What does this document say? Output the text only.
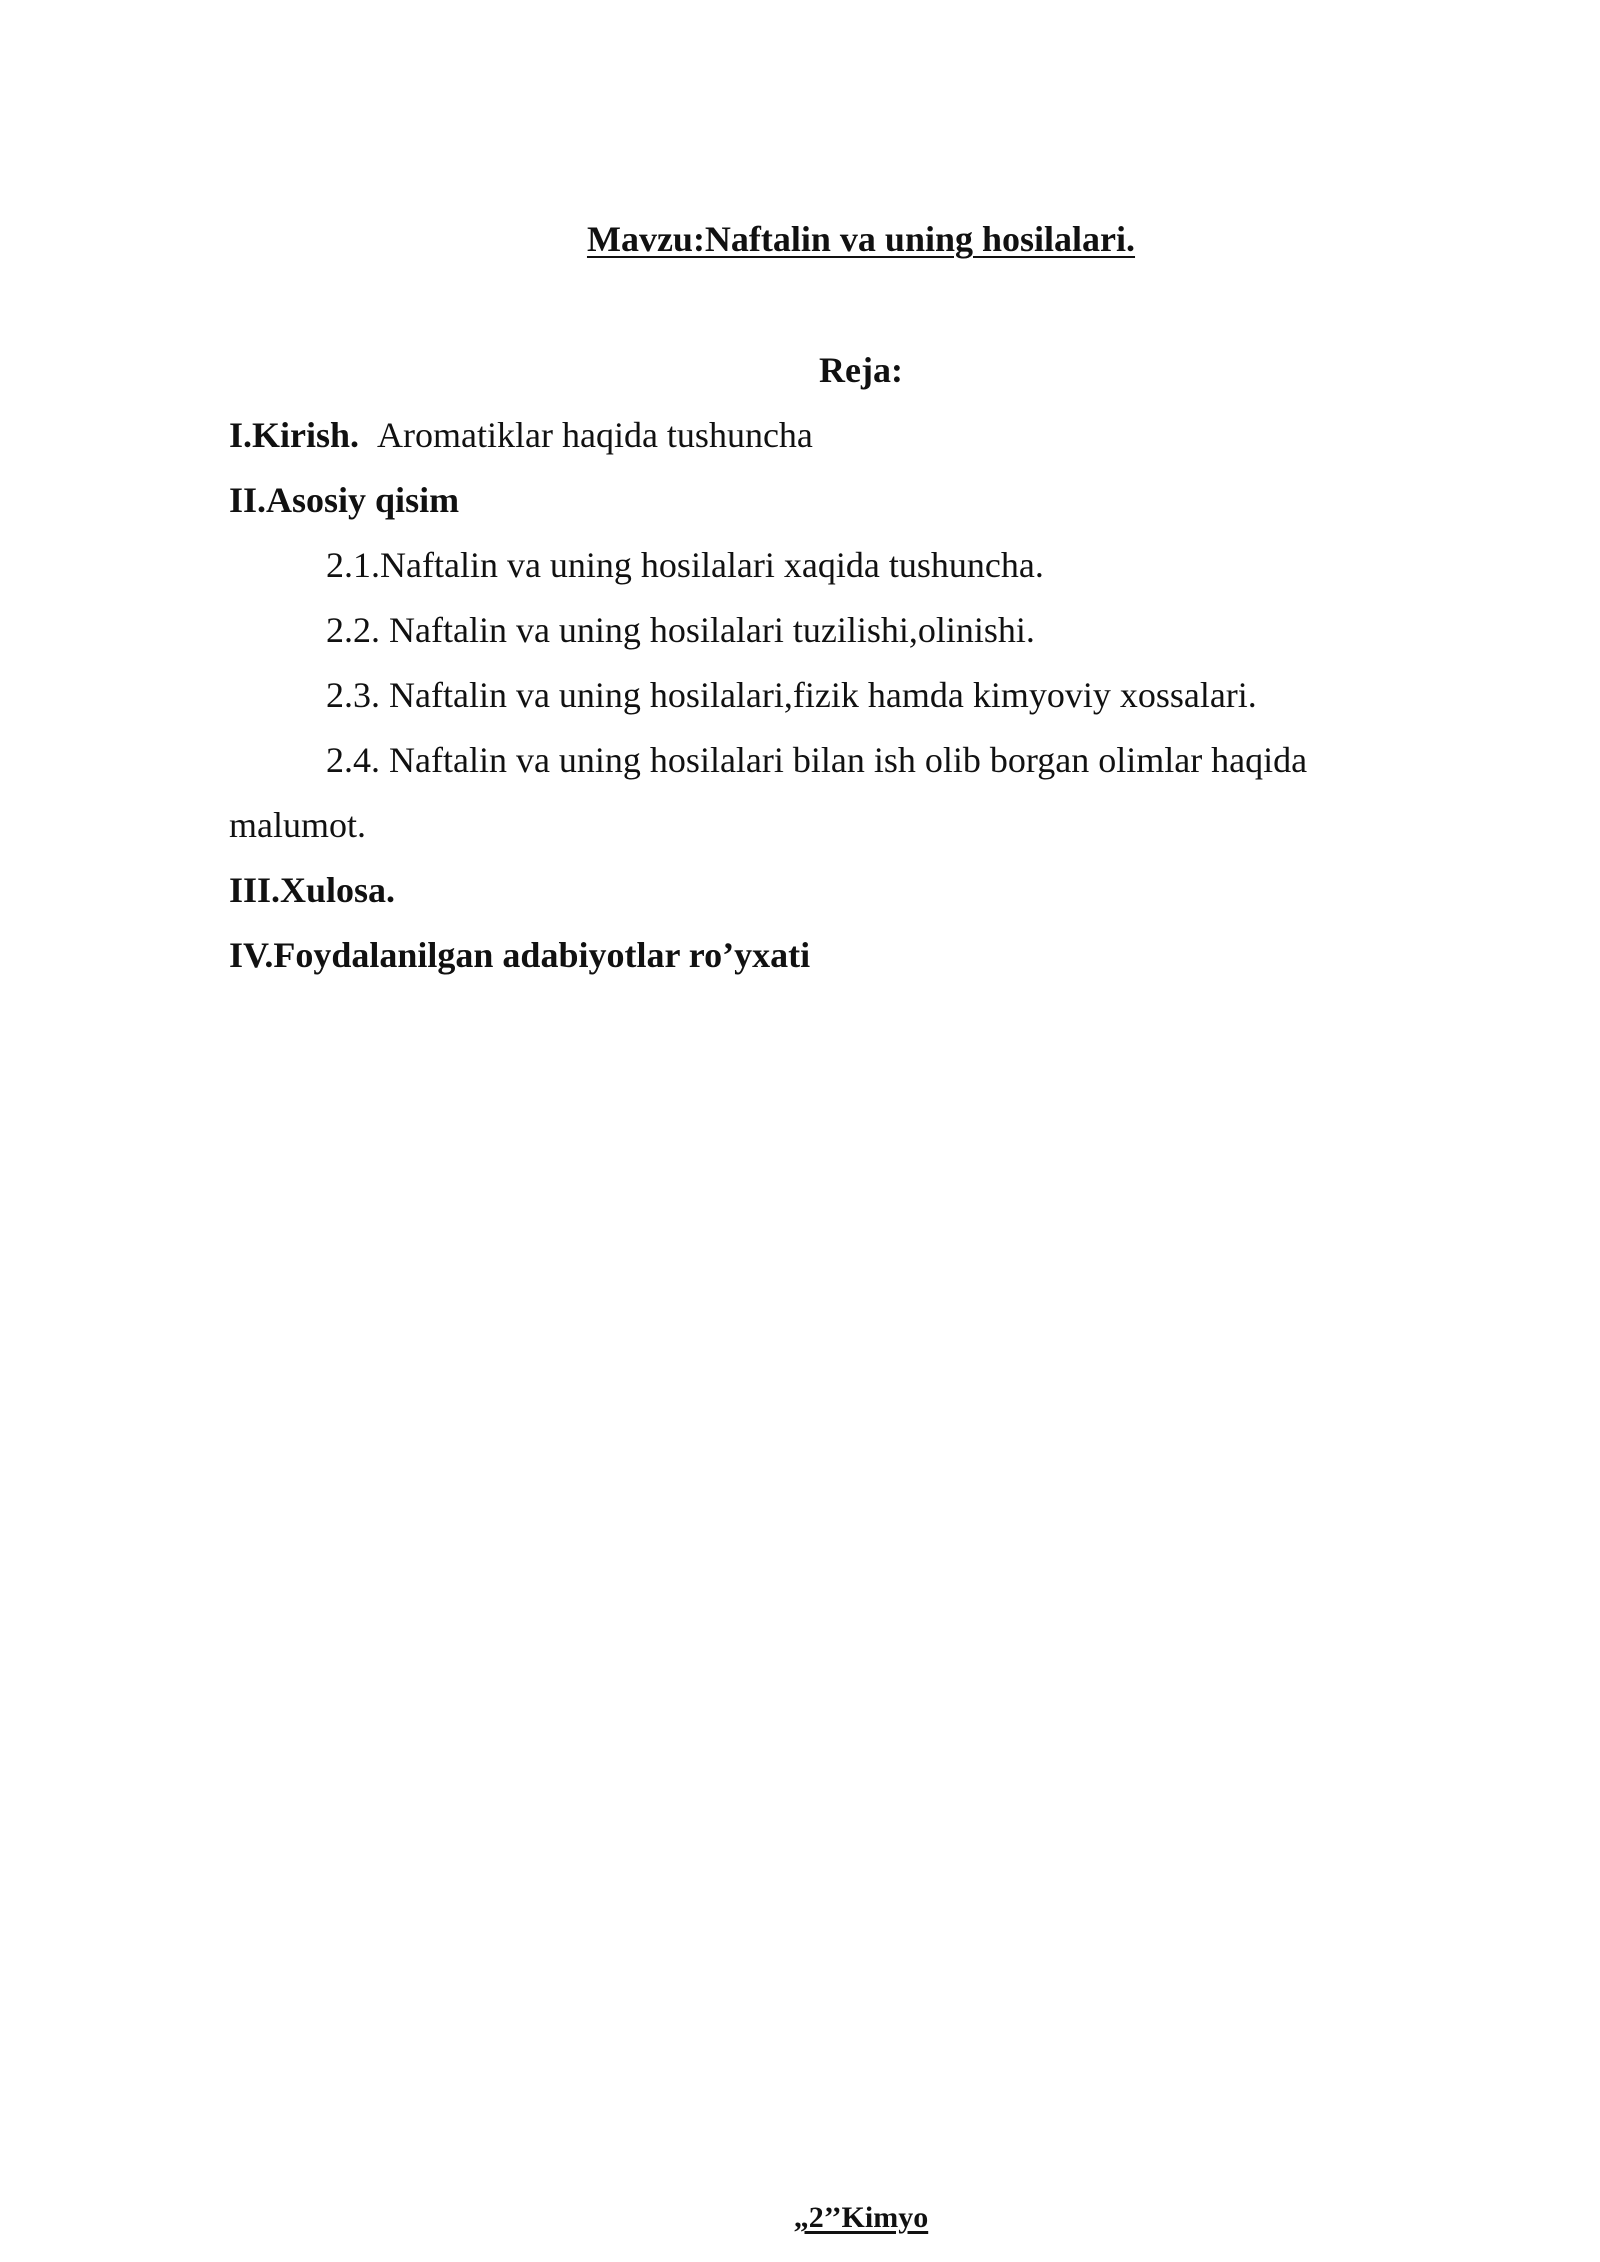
Mavzu:Naftalin va uning hosilalari.
Reja:
I.Kirish. Aromatiklar haqida tushuncha
II.Asosiy qisim
2.1.Naftalin va uning hosilalari xaqida tushuncha.
2.2. Naftalin va uning hosilalari tuzilishi,olinishi.
2.3. Naftalin va uning hosilalari,fizik hamda kimyoviy xossalari.
2.4. Naftalin va uning hosilalari bilan ish olib borgan olimlar haqida
malumot.
III.Xulosa.
IV.Foydalanilgan adabiyotlar ro’yxati
„2’’Kimyo
